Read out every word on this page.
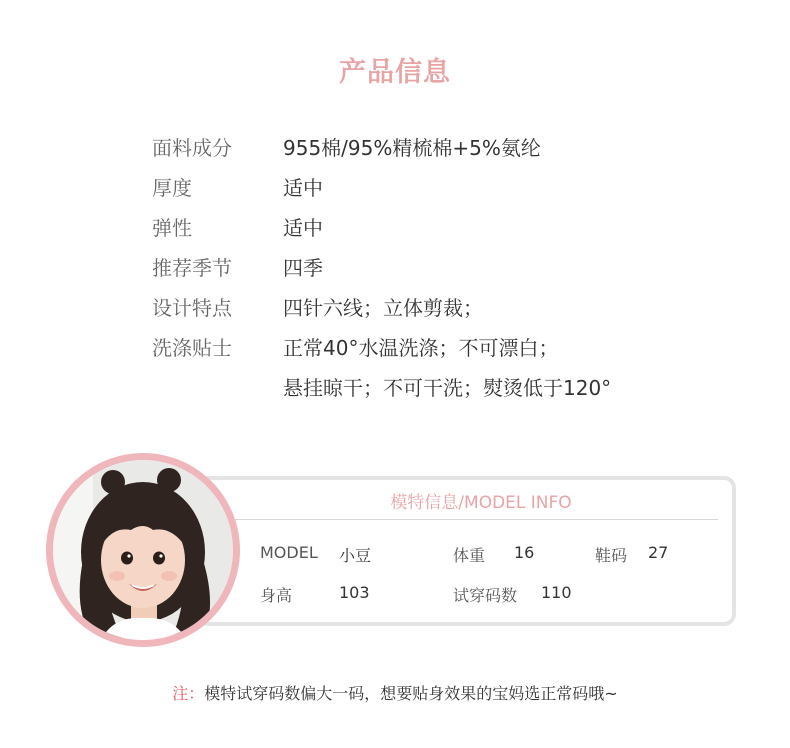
产品信息
面料成分	955棉/95%精梳棉+5%氨纶
厚度	适中
弹性	适中
推荐季节	四季
设计特点	四针六线；立体剪裁；
洗涤贴士	正常40°水温洗涤；不可漂白；
悬挂晾干；不可干洗；熨烫低于120°
模特信息/MODEL INFO
MODEL 小豆	体重 16	鞋码 27
身高	103	试穿码数 110
注：模特试穿码数偏大一码，想要贴身效果的宝妈选正常码哦~
